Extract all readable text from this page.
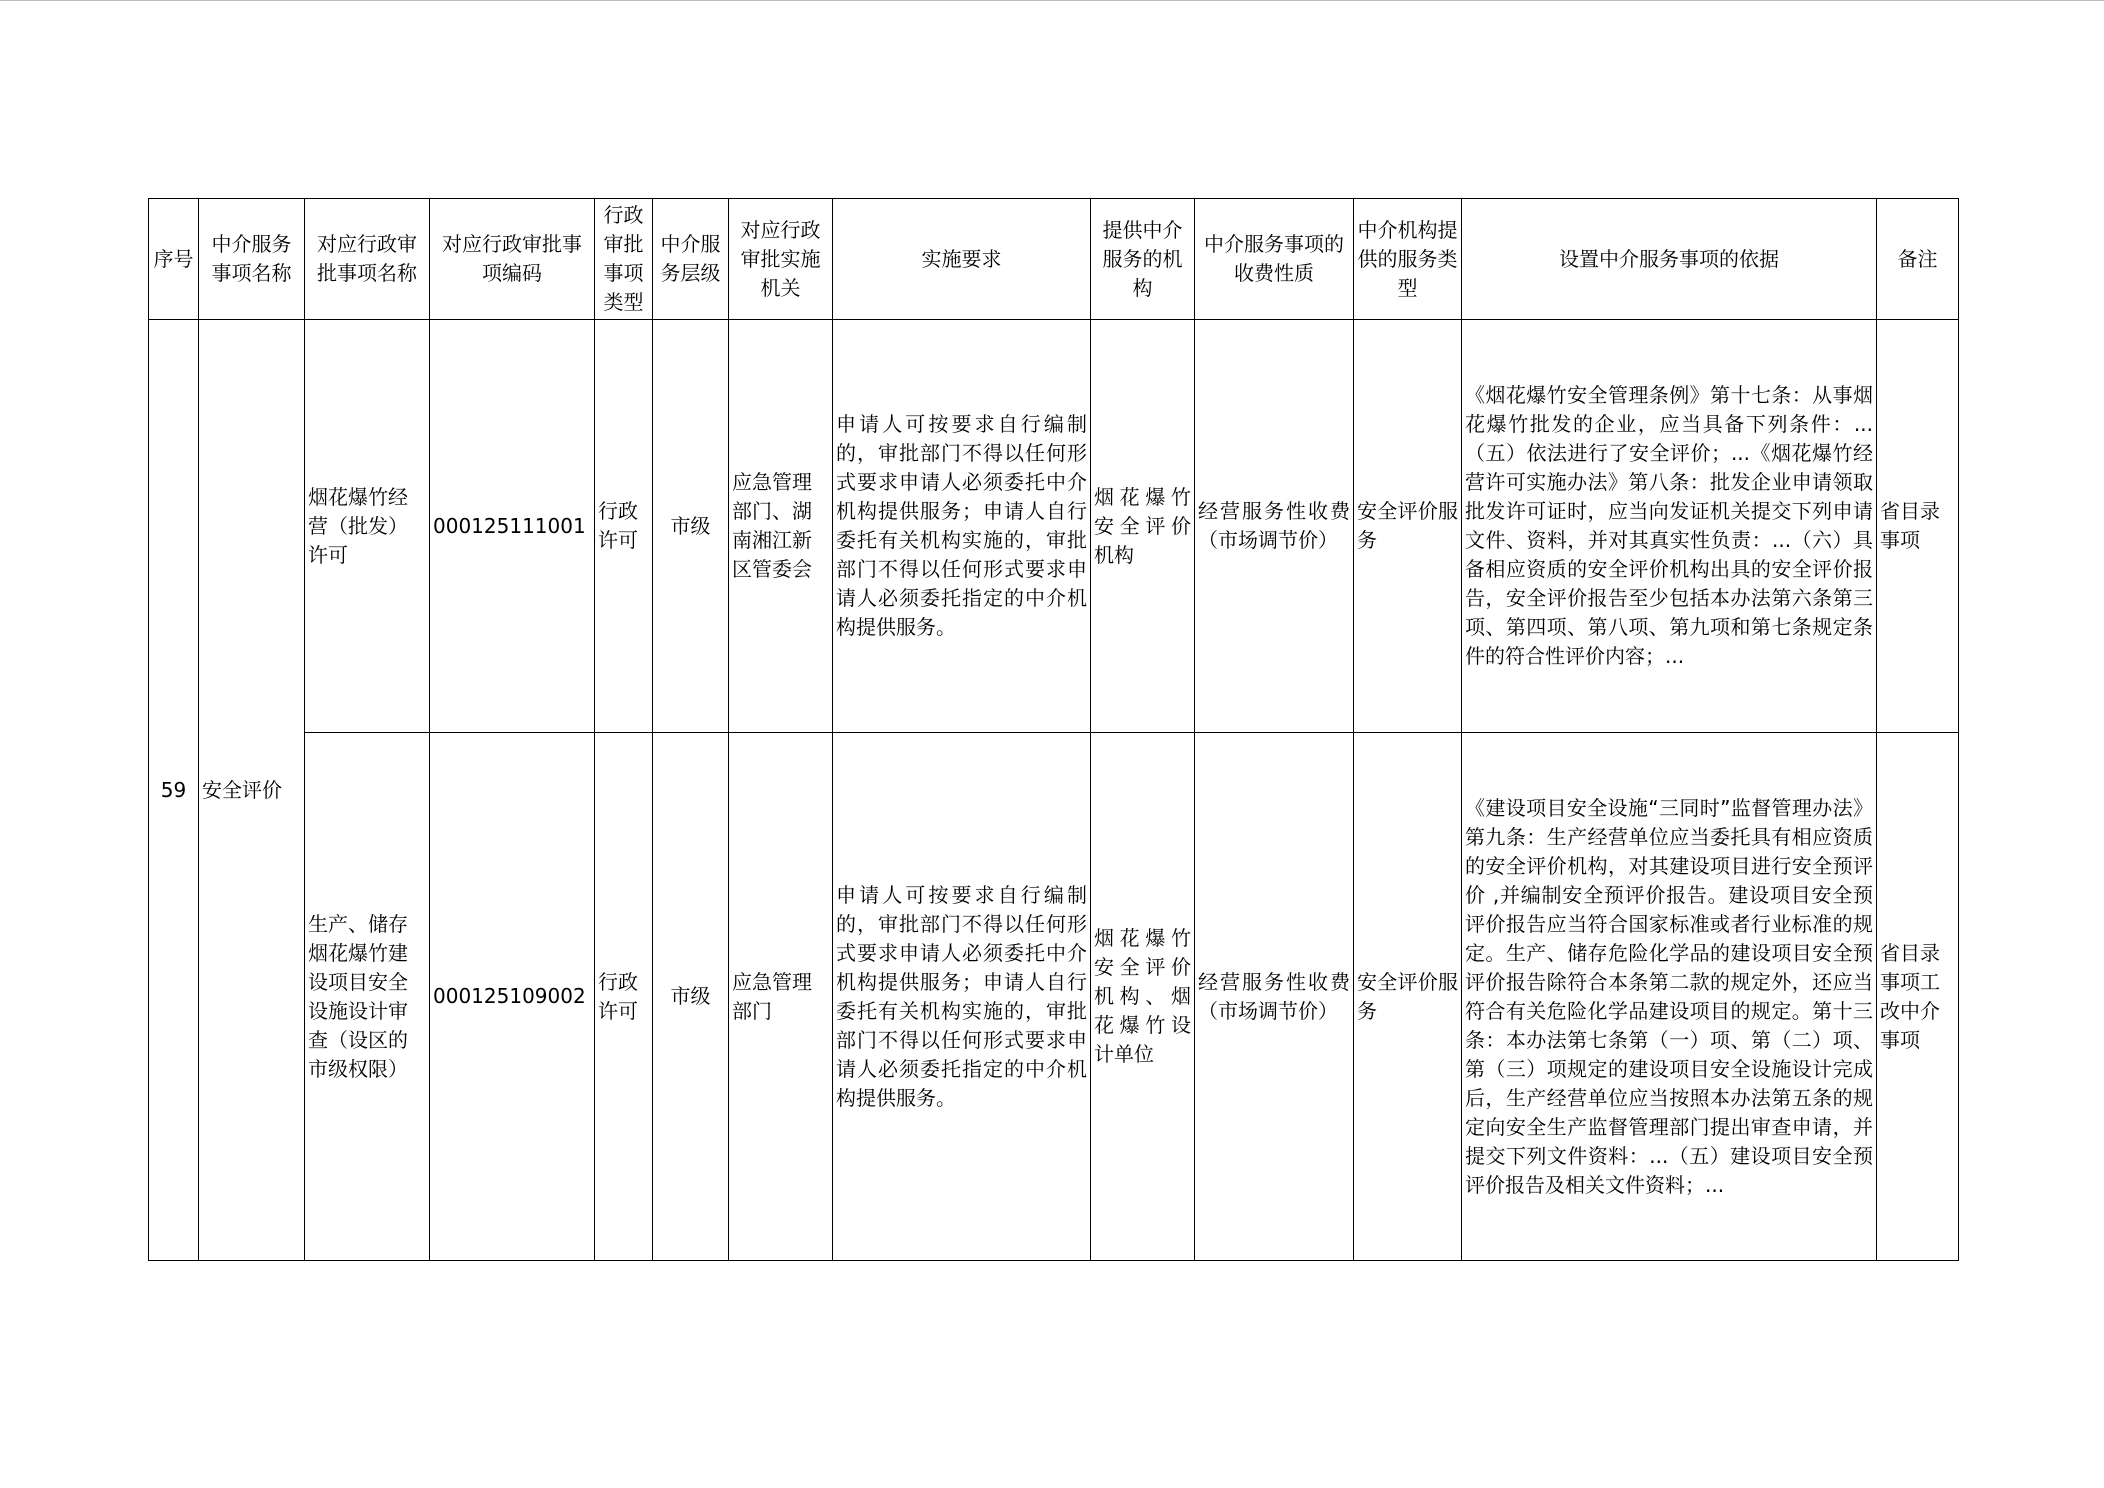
序号	中介服务事项名称	对应行政审批事项名称	对应行政审批事项编码	行政审批事项类型	中介服务层级	对应行政审批实施机关	实施要求	提供中介服务的机构	中介服务事项的收费性质	中介机构提供的服务类型	设置中介服务事项的依据	备注
59	安全评价	烟花爆竹经营（批发）许可	000125111001	行政许可	市级	应急管理部门、湖南湘江新区管委会	申请人可按要求自行编制的，审批部门不得以任何形式要求申请人必须委托中介机构提供服务；申请人自行委托有关机构实施的，审批部门不得以任何形式要求申请人必须委托指定的中介机构提供服务。	烟花爆竹安全评价机构	经营服务性收费（市场调节价）	安全评价服务	《烟花爆竹安全管理条例》第十七条：从事烟花爆竹批发的企业，应当具备下列条件：...（五）依法进行了安全评价；...《烟花爆竹经营许可实施办法》第八条：批发企业申请领取批发许可证时，应当向发证机关提交下列申请文件、资料，并对其真实性负责：...（六）具备相应资质的安全评价机构出具的安全评价报告，安全评价报告至少包括本办法第六条第三项、第四项、第八项、第九项和第七条规定条件的符合性评价内容；...	省目录事项
		生产、储存烟花爆竹建设项目安全设施设计审查（设区的市级权限）	000125109002	行政许可	市级	应急管理部门	申请人可按要求自行编制的，审批部门不得以任何形式要求申请人必须委托中介机构提供服务；申请人自行委托有关机构实施的，审批部门不得以任何形式要求申请人必须委托指定的中介机构提供服务。	烟花爆竹安全评价机构、烟花爆竹设计单位	经营服务性收费（市场调节价）	安全评价服务	《建设项目安全设施“三同时”监督管理办法》第九条：生产经营单位应当委托具有相应资质的安全评价机构，对其建设项目进行安全预评价 ,并编制安全预评价报告。建设项目安全预评价报告应当符合国家标准或者行业标准的规定。生产、储存危险化学品的建设项目安全预评价报告除符合本条第二款的规定外，还应当符合有关危险化学品建设项目的规定。第十三条：本办法第七条第（一）项、第（二）项、第（三）项规定的建设项目安全设施设计完成后，生产经营单位应当按照本办法第五条的规定向安全生产监督管理部门提出审查申请，并提交下列文件资料：...（五）建设项目安全预评价报告及相关文件资料；...	省目录事项工改中介事项
